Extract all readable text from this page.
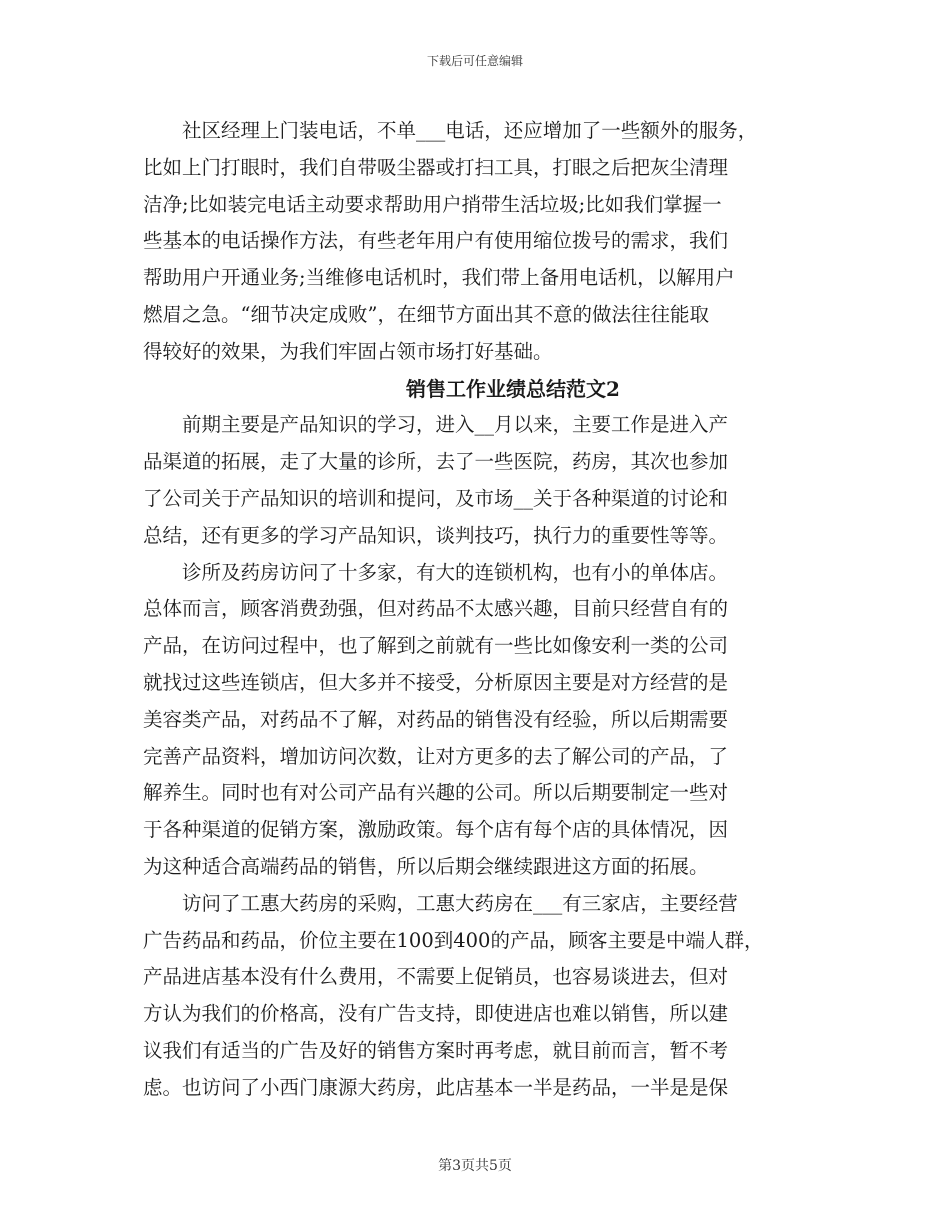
下载后可任意编辑
　　社区经理上门装电话，不单___电话，还应增加了一些额外的服务，
比如上门打眼时，我们自带吸尘器或打扫工具，打眼之后把灰尘清理
洁净;比如装完电话主动要求帮助用户捎带生活垃圾;比如我们掌握一
些基本的电话操作方法，有些老年用户有使用缩位拨号的需求，我们
帮助用户开通业务;当维修电话机时，我们带上备用电话机，以解用户
燃眉之急。“细节决定成败”，在细节方面出其不意的做法往往能取
得较好的效果，为我们牢固占领市场打好基础。
销售工作业绩总结范文2
　　前期主要是产品知识的学习，进入__月以来，主要工作是进入产
品渠道的拓展，走了大量的诊所，去了一些医院，药房，其次也参加
了公司关于产品知识的培训和提问，及市场__关于各种渠道的讨论和
总结，还有更多的学习产品知识，谈判技巧，执行力的重要性等等。
　　诊所及药房访问了十多家，有大的连锁机构，也有小的单体店。
总体而言，顾客消费劲强，但对药品不太感兴趣，目前只经营自有的
产品，在访问过程中，也了解到之前就有一些比如像安利一类的公司
就找过这些连锁店，但大多并不接受，分析原因主要是对方经营的是
美容类产品，对药品不了解，对药品的销售没有经验，所以后期需要
完善产品资料，增加访问次数，让对方更多的去了解公司的产品，了
解养生。同时也有对公司产品有兴趣的公司。所以后期要制定一些对
于各种渠道的促销方案，激励政策。每个店有每个店的具体情况，因
为这种适合高端药品的销售，所以后期会继续跟进这方面的拓展。
　　访问了工惠大药房的采购，工惠大药房在___有三家店，主要经营
广告药品和药品，价位主要在100到400的产品，顾客主要是中端人群，
产品进店基本没有什么费用，不需要上促销员，也容易谈进去，但对
方认为我们的价格高，没有广告支持，即使进店也难以销售，所以建
议我们有适当的广告及好的销售方案时再考虑，就目前而言，暂不考
虑。也访问了小西门康源大药房，此店基本一半是药品，一半是是保
第3页共5页
